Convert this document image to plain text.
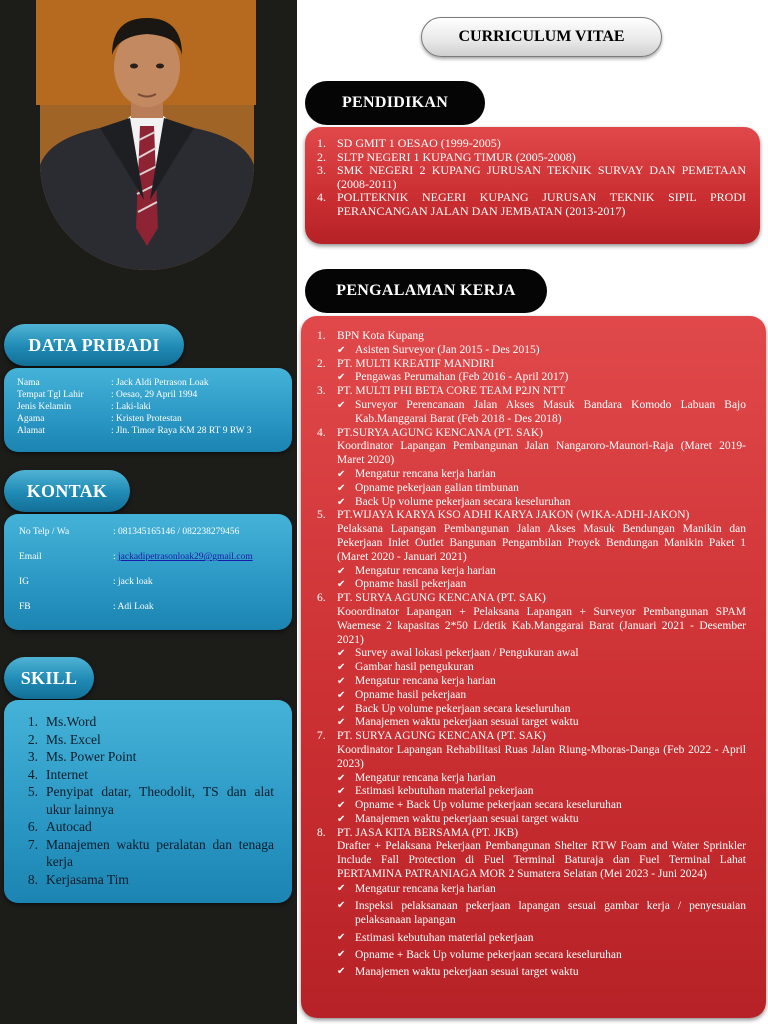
DATA PRIBADI
Nama	: Jack Aldi Petrason Loak
Tempat Tgl Lahir	: Oesao, 29 April 1994
Jenis Kelamin	: Laki-laki
Agama	: Kristen Protestan
Alamat	: Jln. Timor Raya KM 28 RT 9 RW 3
KONTAK
No Telp / Wa	: 081345165146 / 082238279456
Email	: jackadipetrasonloak29@gmail.com
IG	: jack loak
FB	: Adi Loak
SKILL
1. Ms.Word
2. Ms. Excel
3. Ms. Power Point
4. Internet
5. Penyipat datar, Theodolit, TS dan alat ukur lainnya
6. Autocad
7. Manajemen waktu peralatan dan tenaga kerja
8. Kerjasama Tim
CURRICULUM VITAE
PENDIDIKAN
1. SD GMIT 1 OESAO (1999-2005)
2. SLTP NEGERI 1 KUPANG TIMUR (2005-2008)
3. SMK NEGERI 2 KUPANG JURUSAN TEKNIK SURVAY DAN PEMETAAN (2008-2011)
4. POLITEKNIK NEGERI KUPANG JURUSAN TEKNIK SIPIL PRODI PERANCANGAN JALAN DAN JEMBATAN (2013-2017)
PENGALAMAN KERJA
1. BPN Kota Kupang
✔ Asisten Surveyor (Jan 2015 - Des 2015)
2. PT. MULTI KREATIF MANDIRI
✔ Pengawas Perumahan (Feb 2016 - April 2017)
3. PT. MULTI PHI BETA CORE TEAM P2JN NTT
✔ Surveyor Perencanaan Jalan Akses Masuk Bandara Komodo Labuan Bajo Kab.Manggarai Barat (Feb 2018 - Des 2018)
4. PT.SURYA AGUNG KENCANA (PT. SAK)
Koordinator Lapangan Pembangunan Jalan Nangaroro-Maunori-Raja (Maret 2019-Maret 2020)
✔ Mengatur rencana kerja harian
✔ Opname pekerjaan galian timbunan
✔ Back Up volume pekerjaan secara keseluruhan
5. PT.WIJAYA KARYA KSO ADHI KARYA JAKON (WIKA-ADHI-JAKON)
Pelaksana Lapangan Pembangunan Jalan Akses Masuk Bendungan Manikin dan Pekerjaan Inlet Outlet Bangunan Pengambilan Proyek Bendungan Manikin Paket 1 (Maret 2020 - Januari 2021)
✔ Mengatur rencana kerja harian
✔ Opname hasil pekerjaan
6. PT. SURYA AGUNG KENCANA (PT. SAK)
Kooordinator Lapangan + Pelaksana Lapangan + Surveyor Pembangunan SPAM Waemese 2 kapasitas 2*50 L/detik Kab.Manggarai Barat (Januari 2021 - Desember 2021)
✔ Survey awal lokasi pekerjaan / Pengukuran awal
✔ Gambar hasil pengukuran
✔ Mengatur rencana kerja harian
✔ Opname hasil pekerjaan
✔ Back Up volume pekerjaan secara keseluruhan
✔ Manajemen waktu pekerjaan sesuai target waktu
7. PT. SURYA AGUNG KENCANA (PT. SAK)
Koordinator Lapangan Rehabilitasi Ruas Jalan Riung-Mboras-Danga (Feb 2022 - April 2023)
✔ Mengatur rencana kerja harian
✔ Estimasi kebutuhan material pekerjaan
✔ Opname + Back Up volume pekerjaan secara keseluruhan
✔ Manajemen waktu pekerjaan sesuai target waktu
8. PT. JASA KITA BERSAMA (PT. JKB)
Drafter + Pelaksana Pekerjaan Pembangunan Shelter RTW Foam and Water Sprinkler Include Fall Protection di Fuel Terminal Baturaja dan Fuel Terminal Lahat PERTAMINA PATRANIAGA MOR 2 Sumatera Selatan (Mei 2023 - Juni 2024)
✔ Mengatur rencana kerja harian
✔ Inspeksi pelaksanaan pekerjaan lapangan sesuai gambar kerja / penyesuaian pelaksanaan lapangan
✔ Estimasi kebutuhan material pekerjaan
✔ Opname + Back Up volume pekerjaan secara keseluruhan
✔ Manajemen waktu pekerjaan sesuai target waktu
